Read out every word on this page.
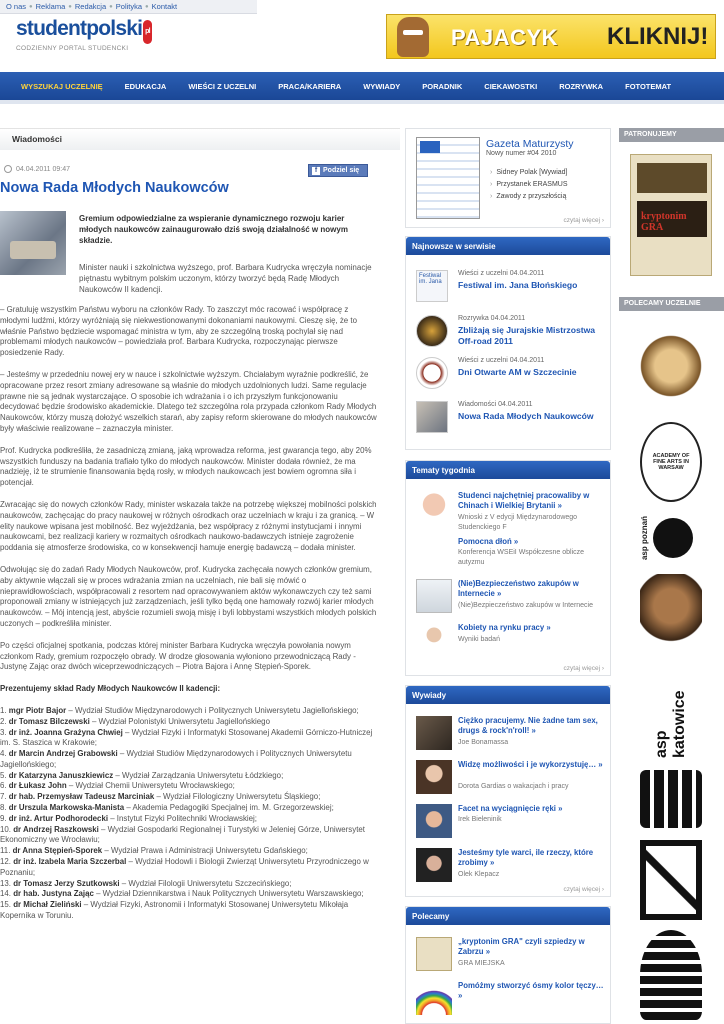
O nas ● Reklama ● Redakcja ● Polityka ● Kontakt
studentpolski pl
CODZIENNY PORTAL STUDENCKI	PAJACYK KLIKNIJ!
WYSZUKAJ UCZELNIĘ	EDUKACJA	WIEŚCI Z UCZELNI	PRACA/KARIERA	WYWIADY	PORADNIK	CIEKAWOSTKI	ROZRYWKA	FOTOTEMAT
Wiadomości
04.04.2011 09:47	f Podziel się
Nowa Rada Młodych Naukowców
Gremium odpowiedzialne za wspieranie dynamicznego rozwoju karier młodych naukowców zainaugurowało dziś swoją działalność w nowym składzie.
Minister nauki i szkolnictwa wyższego, prof. Barbara Kudrycka wręczyła nominacje piętnastu wybitnym polskim uczonym, którzy tworzyć będą Radę Młodych Naukowców II kadencji.

– Gratuluję wszystkim Państwu wyboru na członków Rady. To zaszczyt móc racować i współpracę z młodymi ludźmi, którzy wyróżniają się niekwestionowanymi dokonaniami naukowymi. Cieszę się, że to właśnie Państwo będziecie wspomagać ministra w tym, aby ze szczególną troską pochylał się nad problemami młodych naukowców – powiedziała prof. Barbara Kudrycka, rozpoczynając pierwsze posiedzenie Rady.

– Jesteśmy w przededniu nowej ery w nauce i szkolnictwie wyższym. Chciałabym wyraźnie podkreślić, że opracowane przez resort zmiany adresowane są właśnie do młodych uzdolnionych ludzi. Same regulacje prawne nie są jednak wystarczające. O sposobie ich wdrażania i o ich przyszłym funkcjonowaniu decydować będzie środowisko akademickie. Dlatego też szczególna rola przypada członkom Rady Młodych Naukowców, którzy muszą dołożyć wszelkich starań, aby zapisy reform skierowane do młodych naukowców były właściwie realizowane – zaznaczyła minister.

Prof. Kudrycka podkreśliła, że zasadniczą zmianą, jaką wprowadza reforma, jest gwarancja tego, aby 20% wszystkich funduszy na badania trafiało tylko do młodych naukowców. Minister dodała również, że ma nadzieję, iż te strumienie finansowania będą rosły, w młodych naukowcach jest bowiem ogromna siła i potencjał.

Zwracając się do nowych członków Rady, minister wskazała także na potrzebę większej mobilności polskich naukowców, zachęcając do pracy naukowej w różnych ośrodkach oraz uczelniach w kraju i za granicą. – W elity naukowe wpisana jest mobilność. Bez wyjeżdżania, bez współpracy z różnymi instytucjami i innymi naukowcami, bez realizacji kariery w rozmaitych ośrodkach naukowo-badawczych istnieje zagrożenie poddania się atmosferze środowiska, co w konsekwencji hamuje energię badawczą – dodała minister.

Odwołując się do zadań Rady Młodych Naukowców, prof. Kudrycka zachęcała nowych członków gremium, aby aktywnie włączali się w proces wdrażania zmian na uczelniach, nie bali się mówić o nieprawidłowościach, współpracowali z resortem nad opracowywaniem aktów wykonawczych czy też sami proponowali zmiany w istniejących już zarządzeniach, jeśli tylko będą one hamowały rozwój karier młodych naukowców. – Mój intencją jest, abyście rozumieli swoją misję i byli lobbystami wszystkich młodych polskich uczonych – podkreśliła minister.

Po części oficjalnej spotkania, podczas której minister Barbara Kudrycka wręczyła powołania nowym członkom Rady, gremium rozpoczęło obrady. W drodze głosowania wyłoniono przewodniczącą Rady - Justynę Zając oraz dwóch wiceprzewodniczących – Piotra Bajora i Annę Stępień-Sporek.

Prezentujemy skład Rady Młodych Naukowców II kadencji:

1. mgr Piotr Bajor – Wydział Studiów Międzynarodowych i Politycznych Uniwersytetu Jagiellońskiego;
2. dr Tomasz Bilczewski – Wydział Polonistyki Uniwersytetu Jagiellońskiego
3. dr inż. Joanna Grażyna Chwiej – Wydział Fizyki i Informatyki Stosowanej Akademii Górniczo-Hutniczej im. S. Staszica w Krakowie;
4. dr Marcin Andrzej Grabowski – Wydział Studiów Międzynarodowych i Politycznych Uniwersytetu Jagiellońskiego;
5. dr Katarzyna Januszkiewicz – Wydział Zarządzania Uniwersytetu Łódzkiego;
6. dr Łukasz John – Wydział Chemii Uniwersytetu Wrocławskiego;
7. dr hab. Przemysław Tadeusz Marciniak – Wydział Filologiczny Uniwersytetu Śląskiego;
8. dr Urszula Markowska-Manista – Akademia Pedagogiki Specjalnej im. M. Grzegorzewskiej;
9. dr inż. Artur Podhorodecki – Instytut Fizyki Politechniki Wrocławskiej;
10. dr Andrzej Raszkowski – Wydział Gospodarki Regionalnej i Turystyki w Jeleniej Górze, Uniwersytet Ekonomiczny we Wrocławiu;
11. dr Anna Stępień-Sporek – Wydział Prawa i Administracji Uniwersytetu Gdańskiego;
12. dr inż. Izabela Maria Szczerbal – Wydział Hodowli i Biologii Zwierząt Uniwersytetu Przyrodniczego w Poznaniu;
13. dr Tomasz Jerzy Szutkowski – Wydział Filologii Uniwersytetu Szczecińskiego;
14. dr hab. Justyna Zając – Wydział Dziennikarstwa i Nauk Politycznych Uniwersytetu Warszawskiego;
15. dr Michał Zieliński – Wydział Fizyki, Astronomii i Informatyki Stosowanej Uniwersytetu Mikołaja Kopernika w Toruniu.
Gazeta Maturzysty
Nowy numer #04 2010
› Sidney Polak [Wywiad]
› Przystanek ERASMUS
› Zawody z przyszłością
czytaj więcej ›
Najnowsze w serwisie
Festiwal im. Jana
Wieści z uczelni 04.04.2011
Festiwal im. Jana Błońskiego
Rozrywka 04.04.2011
Zbliżają się Jurajskie Mistrzostwa Off-road 2011
Wieści z uczelni 04.04.2011
Dni Otwarte AM w Szczecinie
Wiadomości 04.04.2011
Nowa Rada Młodych Naukowców
Tematy tygodnia
Studenci najchętniej pracowaliby w Chinach i Wielkiej Brytanii »
Wnioski z V edycji Międzynarodowego Studenckiego F
Pomocna dłoń »
Konferencja WSEiI Współczesne oblicze autyzmu
(Nie)Bezpieczeństwo zakupów w Internecie »
(Nie)Bezpieczeństwo zakupów w Internecie
Kobiety na rynku pracy »
Wyniki badań
czytaj więcej ›
Wywiady
Ciężko pracujemy. Nie żadne tam sex, drugs & rock'n'roll! »
Joe Bonamassa
Widzę możliwości i je wykorzystuję… »
Dorota Gardias o wakacjach i pracy
Facet na wyciągnięcie ręki »
Irek Bieleninik
Jesteśmy tyle warci, ile rzeczy, które zrobimy »
Olek Klepacz
czytaj więcej ›
Polecamy
„kryptonim GRA" czyli szpiedzy w Zabrzu »
GRA MIEJSKA
Pomóżmy stworzyć ósmy kolor tęczy… »
PATRONUJEMY
kryptonim GRA
POLECAMY UCZELNIE
ACADEMY OF FINE ARTS IN WARSAW
asp poznań
asp katowice
